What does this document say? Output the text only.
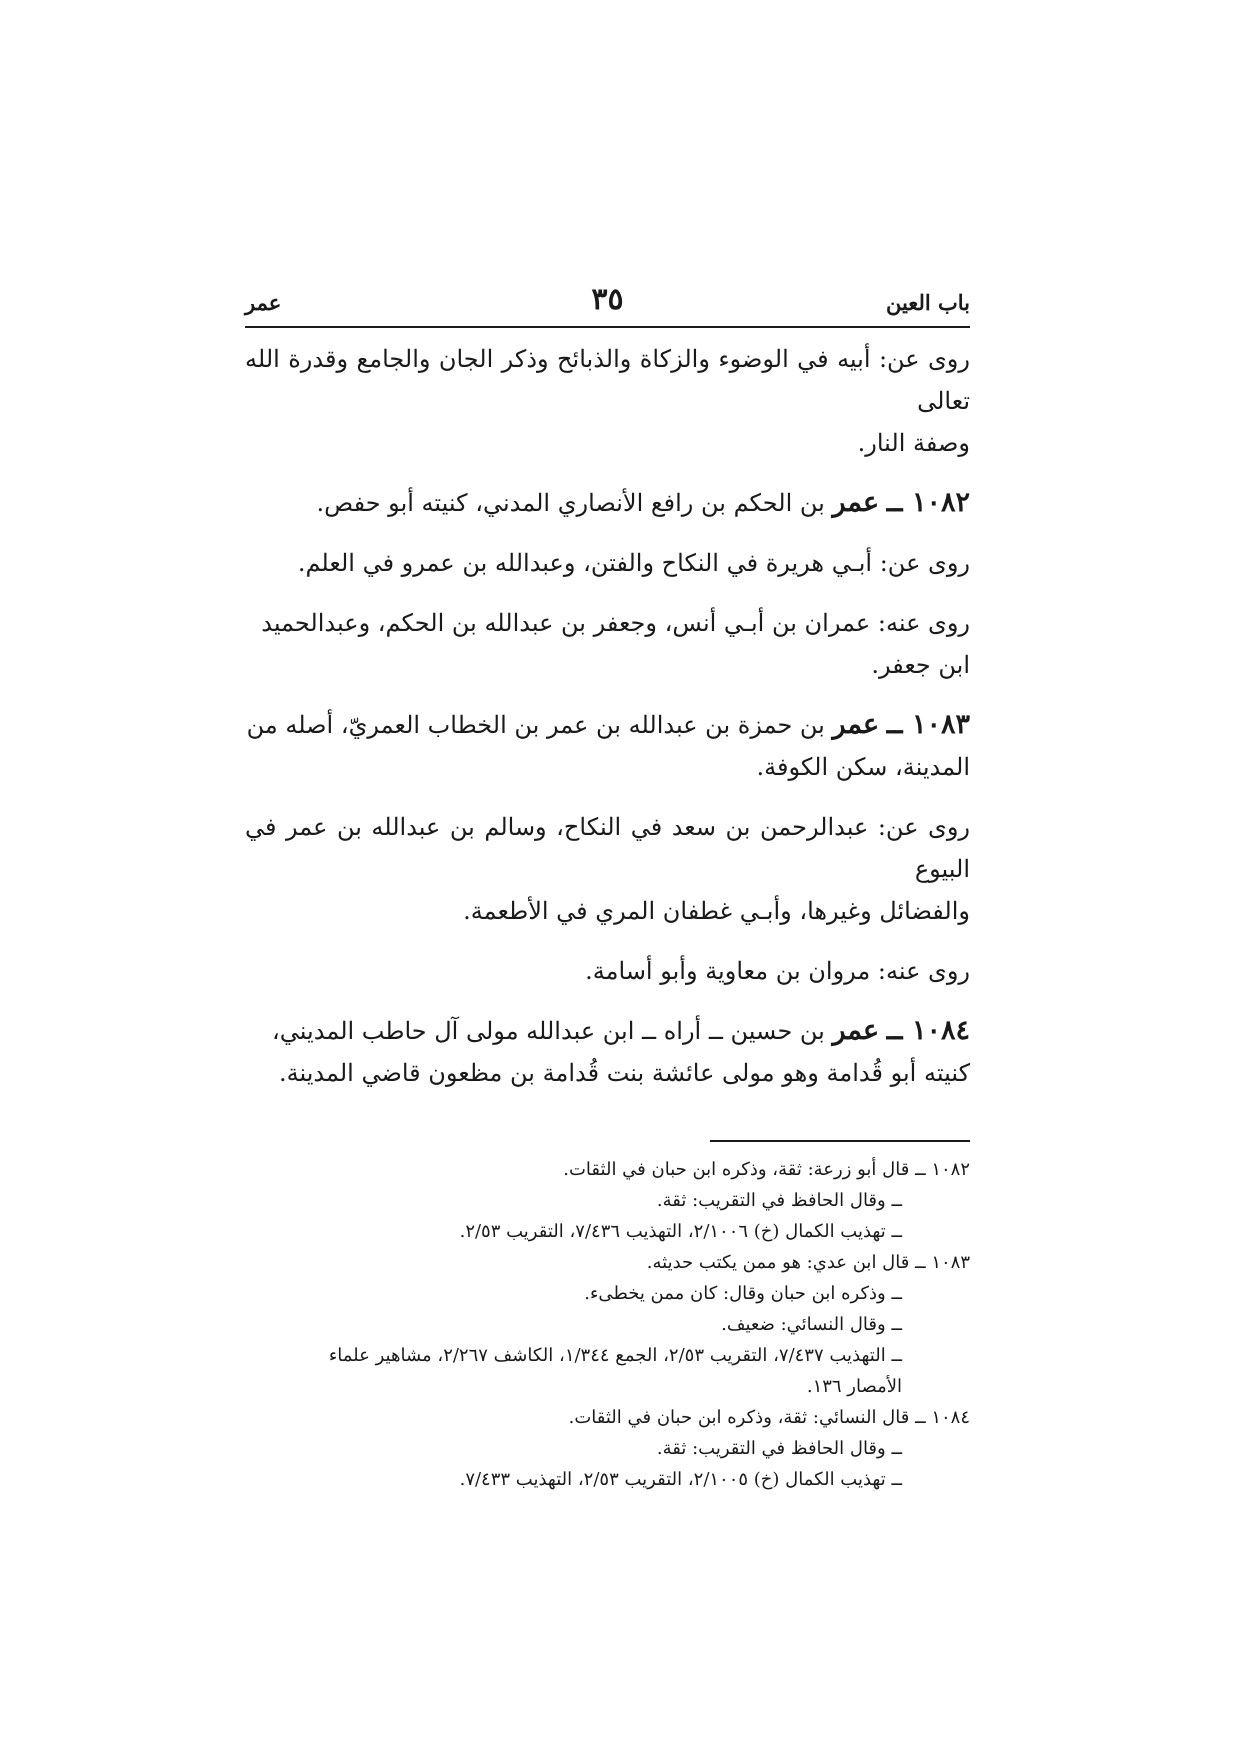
باب العين
٣٥
عمر

روى عن: أبيه في الوضوء والزكاة والذبائح وذكر الجان والجامع وقدرة الله تعالى

وصفة النار.

١٠٨٢ ــ عمر بن الحكم بن رافع الأنصاري المدني، كنيته أبو حفص.

روى عن: أبـي هريرة في النكاح والفتن، وعبدالله بن عمرو في العلم.

روى عنه: عمران بن أبـي أنس، وجعفر بن عبدالله بن الحكم، وعبدالحميد

ابن جعفر.

١٠٨٣ ــ عمر بن حمزة بن عبدالله بن عمر بن الخطاب العمريّ، أصله من

المدينة، سكن الكوفة.

روى عن: عبدالرحمن بن سعد في النكاح، وسالم بن عبدالله بن عمر في البيوع

والفضائل وغيرها، وأبـي غطفان المري في الأطعمة.

روى عنه: مروان بن معاوية وأبو أسامة.

١٠٨٤ ــ عمر بن حسين ــ أراه ــ ابن عبدالله مولى آل حاطب المديني،

كنيته أبو قُدامة وهو مولى عائشة بنت قُدامة بن مظعون قاضي المدينة.

١٠٨٢ ــ قال أبو زرعة: ثقة، وذكره ابن حبان في الثقات.

ــ وقال الحافظ في التقريب: ثقة.

ــ تهذيب الكمال (خ) ٢/١٠٠٦، التهذيب ٧/٤٣٦، التقريب ٢/٥٣.

١٠٨٣ ــ قال ابن عدي: هو ممن يكتب حديثه.

ــ وذكره ابن حبان وقال: كان ممن يخطىء.

ــ وقال النسائي: ضعيف.

ــ التهذيب ٧/٤٣٧، التقريب ٢/٥٣، الجمع ١/٣٤٤، الكاشف ٢/٢٦٧، مشاهير علماء

الأمصار ١٣٦.

١٠٨٤ ــ قال النسائي: ثقة، وذكره ابن حبان في الثقات.

ــ وقال الحافظ في التقريب: ثقة.

ــ تهذيب الكمال (خ) ٢/١٠٠٥، التقريب ٢/٥٣، التهذيب ٧/٤٣٣.
